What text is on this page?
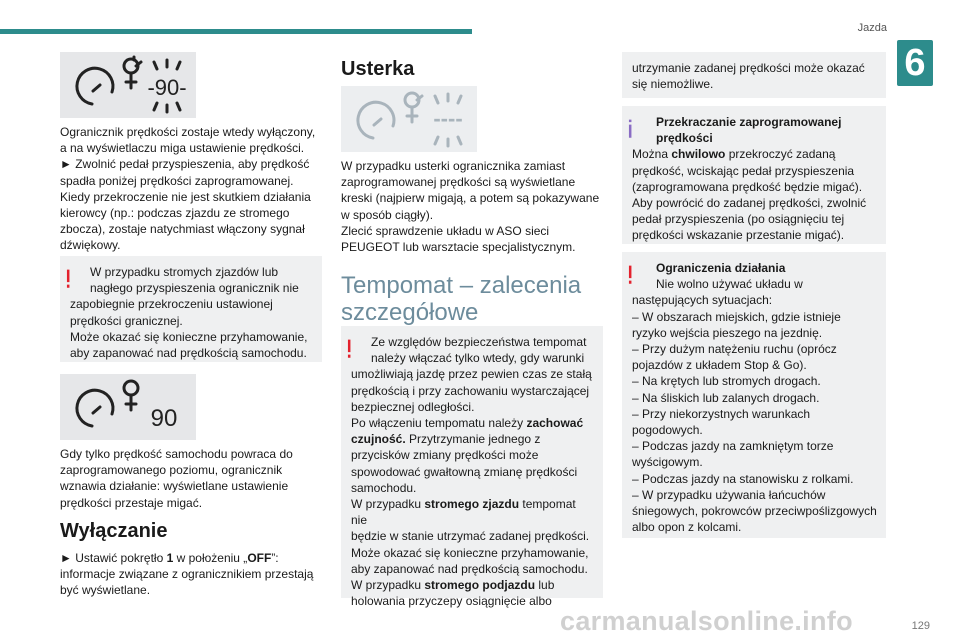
Jazda
6
-90-

Ogranicznik prędkości zostaje wtedy wyłączony,

a na wyświetlaczu miga ustawienie prędkości.

► Zwolnić pedał przyspieszenia, aby prędkość

spadła poniżej prędkości zaprogramowanej.

Kiedy przekroczenie nie jest skutkiem działania

kierowcy (np.: podczas zjazdu ze stromego

zbocza), zostaje natychmiast włączony sygnał

dźwiękowy.

W przypadku stromych zjazdów lub

nagłego przyspieszenia ogranicznik nie

zapobiegnie przekroczeniu ustawionej

prędkości granicznej.

Może okazać się konieczne przyhamowanie,

aby zapanować nad prędkością samochodu.

90

Gdy tylko prędkość samochodu powraca do

zaprogramowanego poziomu, ogranicznik

wznawia działanie: wyświetlane ustawienie

prędkości przestaje migać.

Wyłączanie

► Ustawić pokrętło 1 w położeniu „OFF”:

informacje związane z ogranicznikiem przestają

być wyświetlane.

Usterka
----

W przypadku usterki ogranicznika zamiast

zaprogramowanej prędkości są wyświetlane

kreski (najpierw migają, a potem są pokazywane

w sposób ciągły).

Zlecić sprawdzenie układu w ASO sieci

PEUGEOT lub warsztacie specjalistycznym.

Tempomat – zalecenia
szczegółowe

Ze względów bezpieczeństwa tempomat

należy włączać tylko wtedy, gdy warunki

umożliwiają jazdę przez pewien czas ze stałą

prędkością i przy zachowaniu wystarczającej

bezpiecznej odległości.

Po włączeniu tempomatu należy zachować

czujność. Przytrzymanie jednego z

przycisków zmiany prędkości może

spowodować gwałtowną zmianę prędkości

samochodu.

W przypadku stromego zjazdu tempomat nie

będzie w stanie utrzymać zadanej prędkości.

Może okazać się konieczne przyhamowanie,

aby zapanować nad prędkością samochodu.

W przypadku stromego podjazdu lub

holowania przyczepy osiągnięcie albo

utrzymanie zadanej prędkości może okazać

się niemożliwe.

Przekraczanie zaprogramowanej

prędkości

Można chwilowo przekroczyć zadaną

prędkość, wciskając pedał przyspieszenia

(zaprogramowana prędkość będzie migać).

Aby powrócić do zadanej prędkości, zwolnić

pedał przyspieszenia (po osiągnięciu tej

prędkości wskazanie przestanie migać).

Ograniczenia działania

Nie wolno używać układu w

następujących sytuacjach:

– W obszarach miejskich, gdzie istnieje

ryzyko wejścia pieszego na jezdnię.

– Przy dużym natężeniu ruchu (oprócz

pojazdów z układem Stop & Go).

– Na krętych lub stromych drogach.

– Na śliskich lub zalanych drogach.

– Przy niekorzystnych warunkach

pogodowych.

– Podczas jazdy na zamkniętym torze

wyścigowym.

– Podczas jazdy na stanowisku z rolkami.

– W przypadku używania łańcuchów

śniegowych, pokrowców przeciwpoślizgowych

albo opon z kolcami.

carmanualsonline.info	129
